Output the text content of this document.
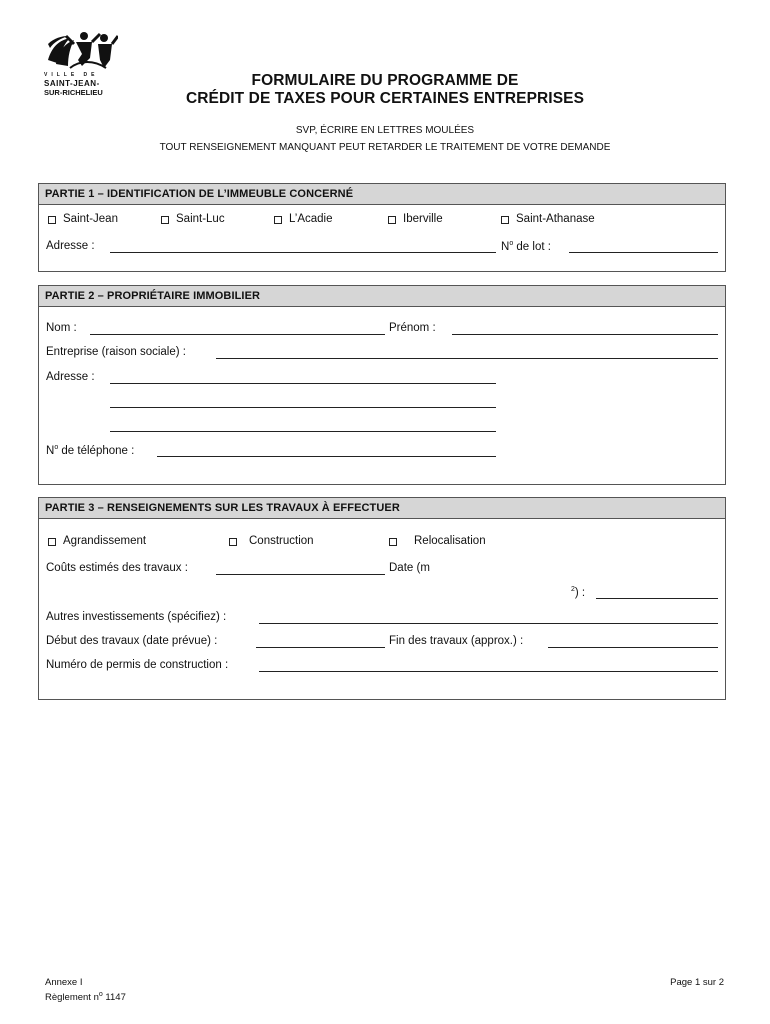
VILLE DE
SAINT-JEAN-
SUR-RICHELIEU
FORMULAIRE DU PROGRAMME DE
CRÉDIT DE TAXES POUR CERTAINES ENTREPRISES
SVP, ÉCRIRE EN LETTRES MOULÉES
TOUT RENSEIGNEMENT MANQUANT PEUT RETARDER LE TRAITEMENT DE VOTRE DEMANDE
PARTIE 1 – IDENTIFICATION DE L’IMMEUBLE CONCERNÉ
Saint-Jean	Saint-Luc	L’Acadie	Iberville	Saint-Athanase
Adresse :	$N^o$ de lot :
PARTIE 2 – PROPRIÉTAIRE IMMOBILIER
Nom :	Prénom :
Entreprise (raison sociale) :
Adresse :
$N^o$ de téléphone :
PARTIE 3 – RENSEIGNEMENTS SUR LES TRAVAUX À EFFECTUER
Agrandissement	Construction	Relocalisation
Coûts estimés des travaux :	Date (m
$^2$) :
Autres investissements (spécifiez) :
Début des travaux (date prévue) :	Fin des travaux (approx.) :
Numéro de permis de construction :
Annexe I
Règlement $n^o$ 1147
Page 1 sur 2
